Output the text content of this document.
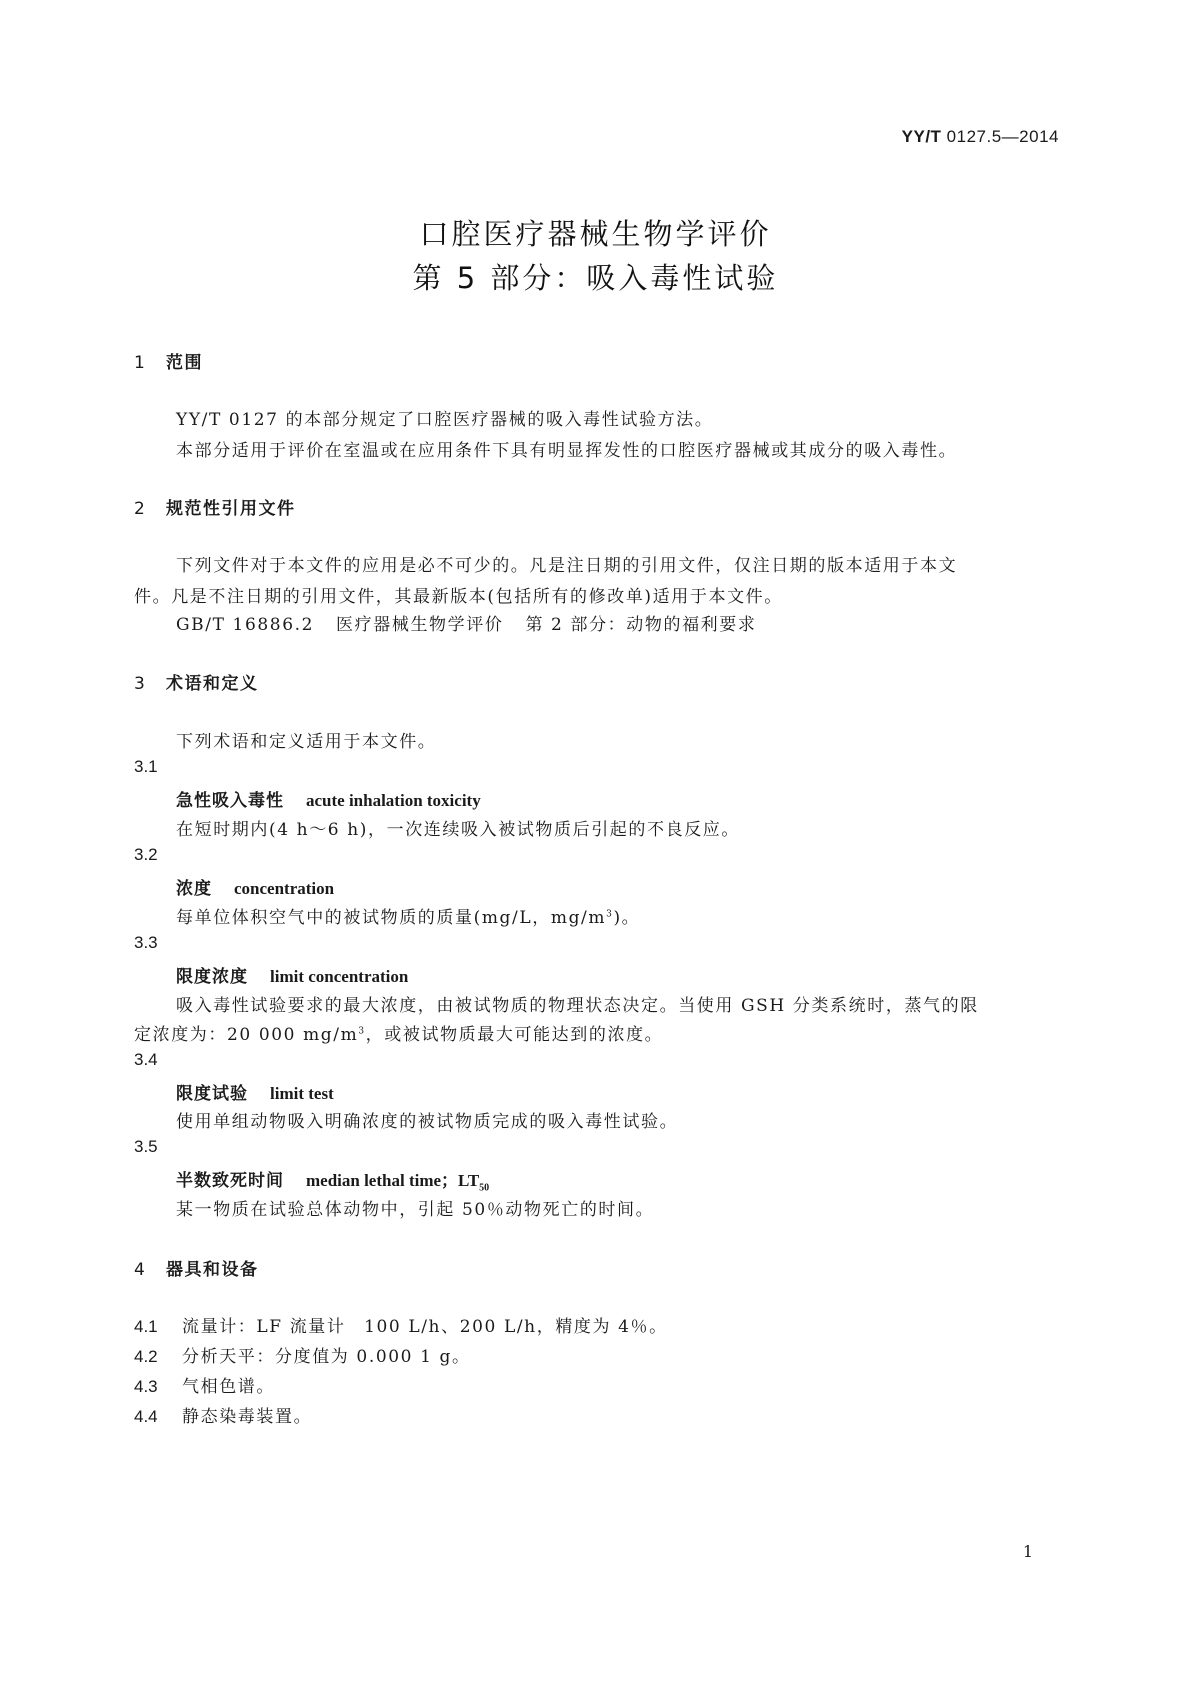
YY/T 0127.5—2014
口腔医疗器械生物学评价
第 5 部分：吸入毒性试验
1 范围
YY/T 0127 的本部分规定了口腔医疗器械的吸入毒性试验方法。
本部分适用于评价在室温或在应用条件下具有明显挥发性的口腔医疗器械或其成分的吸入毒性。
2 规范性引用文件
下列文件对于本文件的应用是必不可少的。凡是注日期的引用文件，仅注日期的版本适用于本文
件。凡是不注日期的引用文件，其最新版本(包括所有的修改单)适用于本文件。
GB/T 16886.2 医疗器械生物学评价 第 2 部分：动物的福利要求
3 术语和定义
下列术语和定义适用于本文件。
3.1
急性吸入毒性 acute inhalation toxicity
在短时期内(4 h～6 h)，一次连续吸入被试物质后引起的不良反应。
3.2
浓度 concentration
每单位体积空气中的被试物质的质量(mg/L，$mg/m^3$)。
3.3
限度浓度 limit concentration
吸入毒性试验要求的最大浓度，由被试物质的物理状态决定。当使用 GSH 分类系统时，蒸气的限
定浓度为：20 000 $mg/m^3$，或被试物质最大可能达到的浓度。
3.4
限度试验 limit test
使用单组动物吸入明确浓度的被试物质完成的吸入毒性试验。
3.5
半数致死时间 median lethal time；$LT_{50}$
某一物质在试验总体动物中，引起 50％动物死亡的时间。
4 器具和设备
4.1 流量计：LF 流量计　100 L/h、200 L/h，精度为 4％。
4.2 分析天平：分度值为 0.000 1 g。
4.3 气相色谱。
4.4 静态染毒装置。
1
